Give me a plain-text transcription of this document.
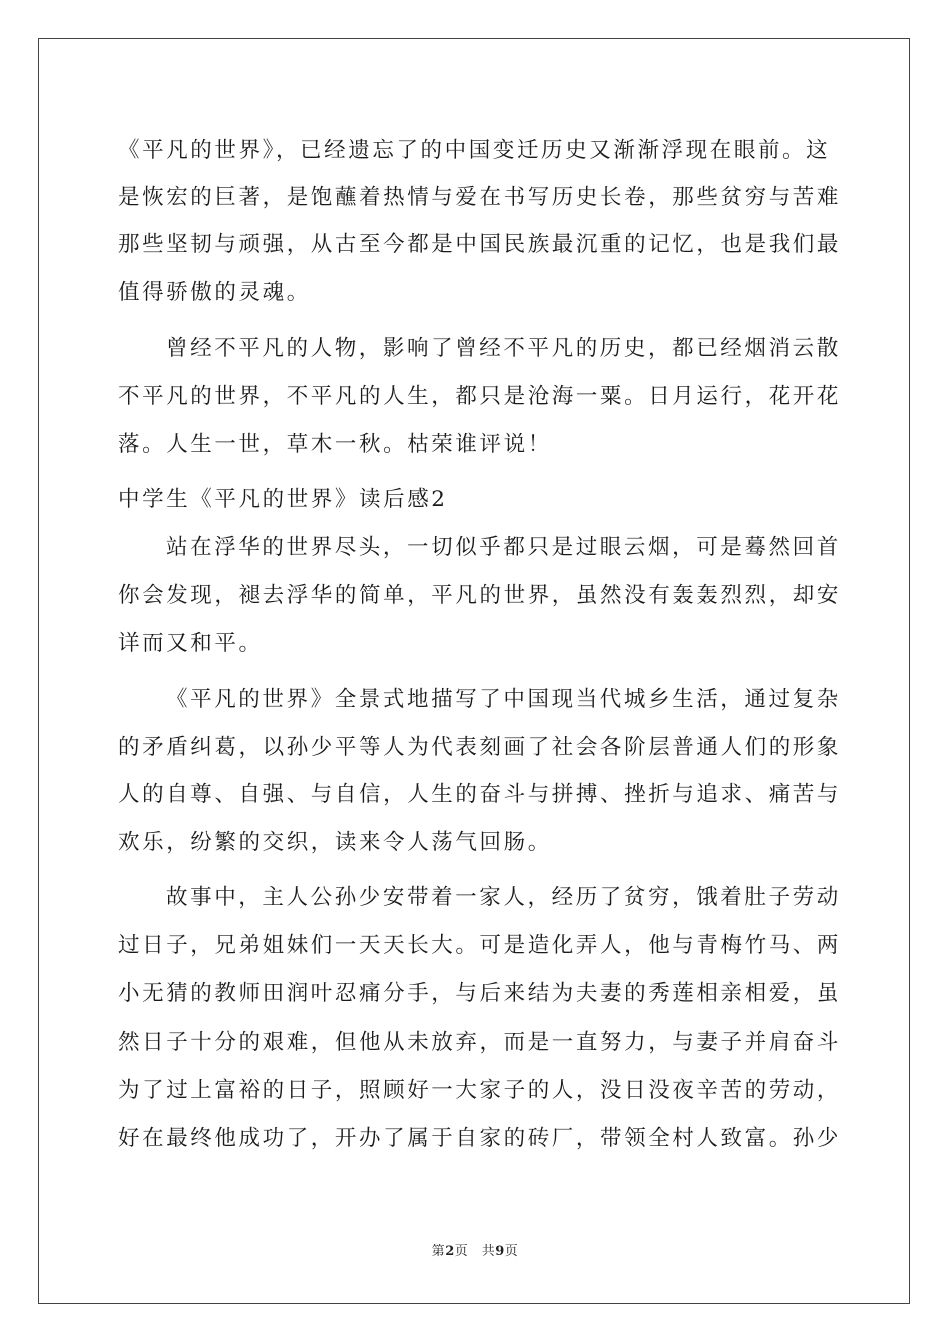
《平凡的世界》，已经遗忘了的中国变迁历史又渐渐浮现在眼前。这
是恢宏的巨著，是饱蘸着热情与爱在书写历史长卷，那些贫穷与苦难
那些坚韧与顽强，从古至今都是中国民族最沉重的记忆，也是我们最
值得骄傲的灵魂。
曾经不平凡的人物，影响了曾经不平凡的历史，都已经烟消云散
不平凡的世界，不平凡的人生，都只是沧海一粟。日月运行，花开花
落。人生一世，草木一秋。枯荣谁评说！
中学生《平凡的世界》读后感2
站在浮华的世界尽头，一切似乎都只是过眼云烟，可是蓦然回首
你会发现，褪去浮华的简单，平凡的世界，虽然没有轰轰烈烈，却安
详而又和平。
《平凡的世界》全景式地描写了中国现当代城乡生活，通过复杂
的矛盾纠葛，以孙少平等人为代表刻画了社会各阶层普通人们的形象
人的自尊、自强、与自信，人生的奋斗与拼搏、挫折与追求、痛苦与
欢乐，纷繁的交织，读来令人荡气回肠。
故事中，主人公孙少安带着一家人，经历了贫穷，饿着肚子劳动
过日子，兄弟姐妹们一天天长大。可是造化弄人，他与青梅竹马、两
小无猜的教师田润叶忍痛分手，与后来结为夫妻的秀莲相亲相爱，虽
然日子十分的艰难，但他从未放弃，而是一直努力，与妻子并肩奋斗
为了过上富裕的日子，照顾好一大家子的人，没日没夜辛苦的劳动，
好在最终他成功了，开办了属于自家的砖厂，带领全村人致富。孙少
第2页　共9页
